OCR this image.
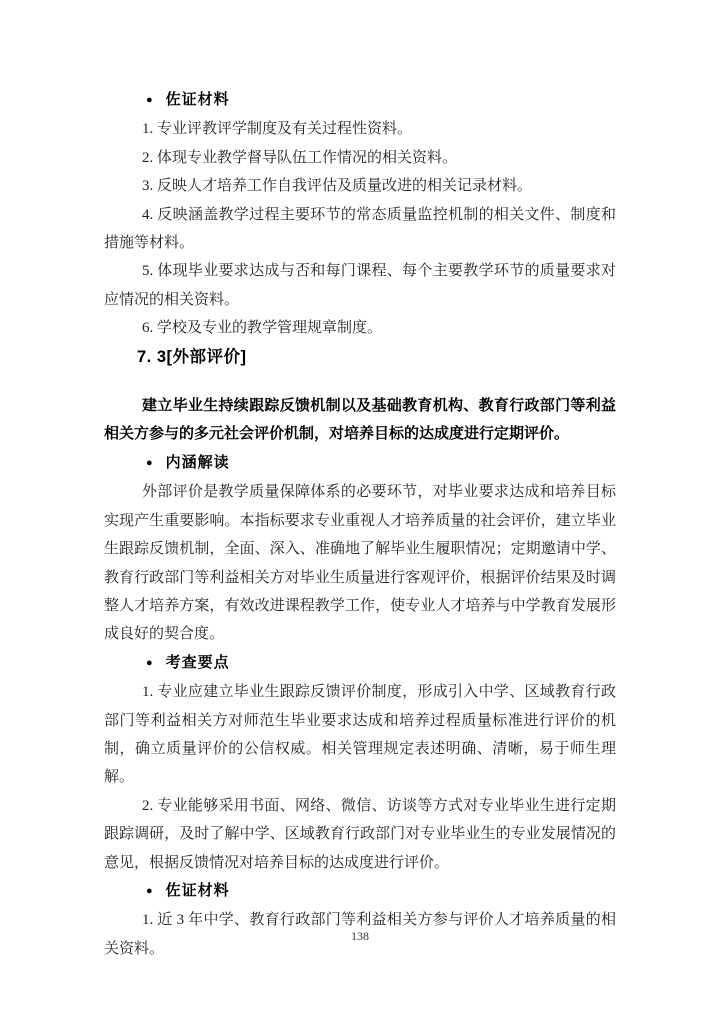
● 佐证材料

1. 专业评教评学制度及有关过程性资料。

2. 体现专业教学督导队伍工作情况的相关资料。

3. 反映人才培养工作自我评估及质量改进的相关记录材料。

4. 反映涵盖教学过程主要环节的常态质量监控机制的相关文件、制度和措施等材料。

5. 体现毕业要求达成与否和每门课程、每个主要教学环节的质量要求对应情况的相关资料。

6. 学校及专业的教学管理规章制度。

7. 3[外部评价]

建立毕业生持续跟踪反馈机制以及基础教育机构、教育行政部门等利益相关方参与的多元社会评价机制，对培养目标的达成度进行定期评价。

● 内涵解读

外部评价是教学质量保障体系的必要环节，对毕业要求达成和培养目标实现产生重要影响。本指标要求专业重视人才培养质量的社会评价，建立毕业生跟踪反馈机制，全面、深入、准确地了解毕业生履职情况；定期邀请中学、教育行政部门等利益相关方对毕业生质量进行客观评价，根据评价结果及时调整人才培养方案，有效改进课程教学工作，使专业人才培养与中学教育发展形成良好的契合度。

● 考查要点

1. 专业应建立毕业生跟踪反馈评价制度，形成引入中学、区域教育行政部门等利益相关方对师范生毕业要求达成和培养过程质量标准进行评价的机制，确立质量评价的公信权威。相关管理规定表述明确、清晰，易于师生理解。

2. 专业能够采用书面、网络、微信、访谈等方式对专业毕业生进行定期跟踪调研，及时了解中学、区域教育行政部门对专业毕业生的专业发展情况的意见，根据反馈情况对培养目标的达成度进行评价。

● 佐证材料

1. 近 3 年中学、教育行政部门等利益相关方参与评价人才培养质量的相关资料。

138
